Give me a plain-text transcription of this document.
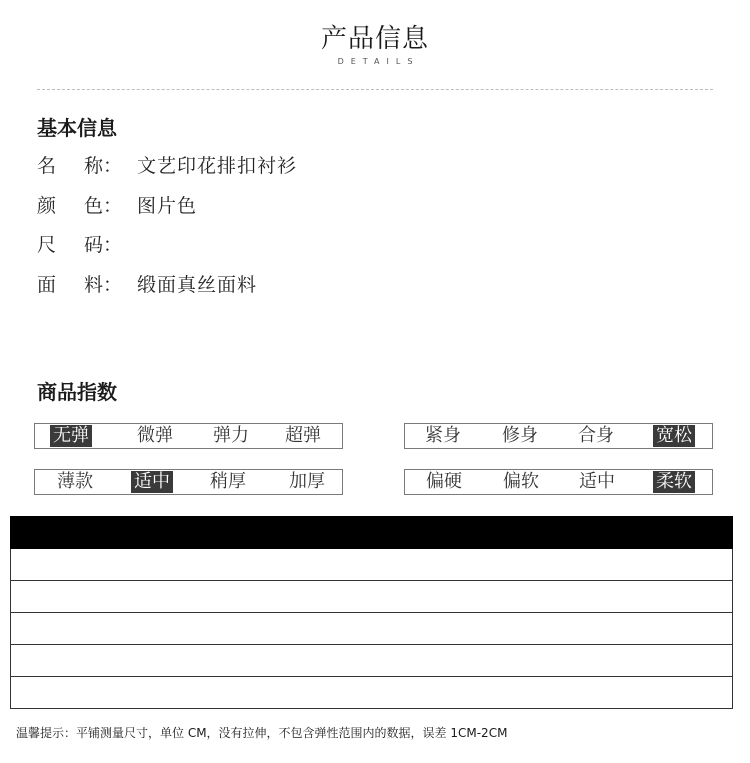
产品信息
DETAILS
基本信息
名 称： 文艺印花排扣衬衫
颜 色： 图片色
尺 码：
面 料： 缎面真丝面料
商品指数
无弹	微弹 弹力 超弹	紧身 修身 合身 宽松
薄款 适中 稍厚 加厚	偏硬 偏软 适中 柔软
温馨提示：平铺测量尺寸，单位 CM，没有拉伸，不包含弹性范围内的数据，误差 1CM-2CM
